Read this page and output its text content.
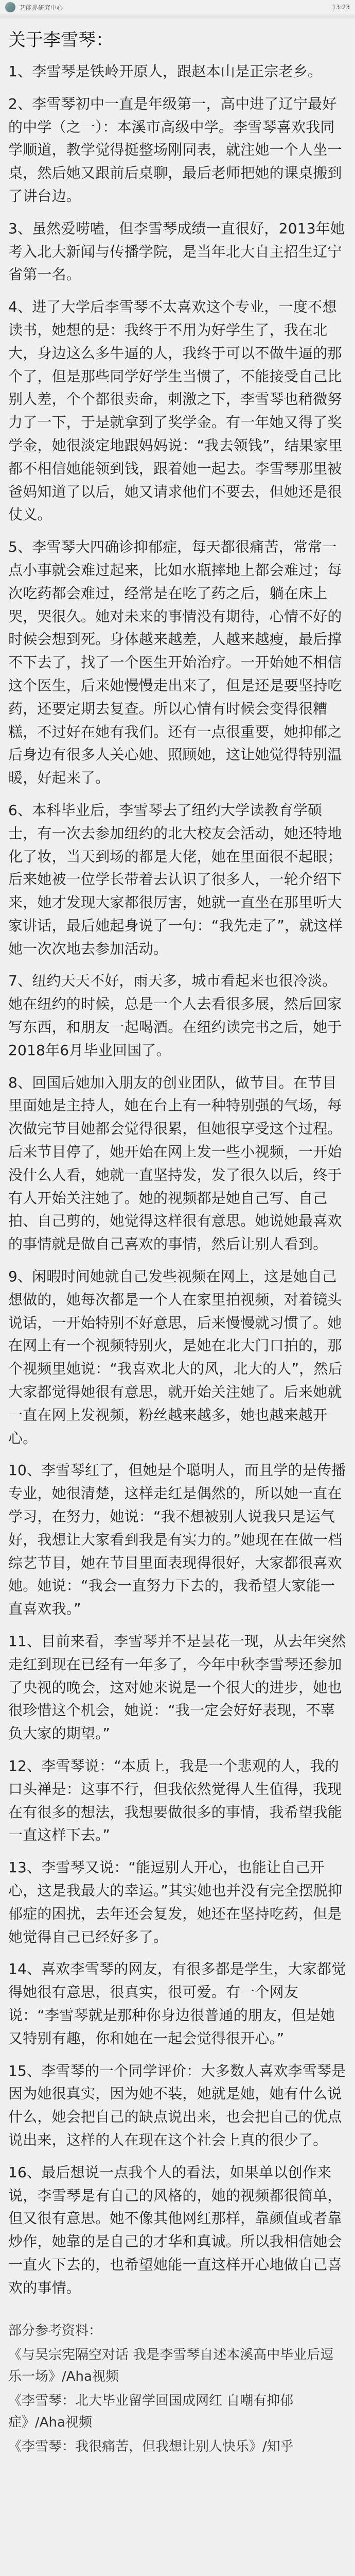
艺能界研究中心	13:23
关于李雪琴：
1、李雪琴是铁岭开原人，跟赵本山是正宗老乡。
2、李雪琴初中一直是年级第一，高中进了辽宁最好的中学（之一）：本溪市高级中学。李雪琴喜欢我同学顺道，教学觉得挺整场刚同表，就注她一个人坐一桌，然后她又跟前后桌聊，最后老师把她的课桌搬到了讲台边。
3、虽然爱唠嗑，但李雪琴成绩一直很好，2013年她考入北大新闻与传播学院，是当年北大自主招生辽宁省第一名。
4、进了大学后李雪琴不太喜欢这个专业，一度不想读书，她想的是：我终于不用为好学生了，我在北大，身边这么多牛逼的人，我终于可以不做牛逼的那个了，但是那些同学好学生当惯了，不能接受自己比别人差，个个都很卖命，刺激之下，李雪琴也稍微努力了一下，于是就拿到了奖学金。有一年她又得了奖学金，她很淡定地跟妈妈说：“我去领钱”，结果家里都不相信她能领到钱，跟着她一起去。李雪琴那里被爸妈知道了以后，她又请求他们不要去，但她还是很仗义。
5、李雪琴大四确诊抑郁症，每天都很痛苦，常常一点小事就会难过起来，比如水瓶摔地上都会难过；每次吃药都会难过，经常是在吃了药之后，躺在床上哭，哭很久。她对未来的事情没有期待，心情不好的时候会想到死。身体越来越差，人越来越瘦，最后撑不下去了，找了一个医生开始治疗。一开始她不相信这个医生，后来她慢慢走出来了，但是还是要坚持吃药，还要定期去复查。所以心情有时候会变得很糟糕，不过好在她有我们。还有一点很重要，她抑郁之后身边有很多人关心她、照顾她，这让她觉得特别温暖，好起来了。
6、本科毕业后，李雪琴去了纽约大学读教育学硕士，有一次去参加纽约的北大校友会活动，她还特地化了妆，当天到场的都是大佬，她在里面很不起眼；后来她被一位学长带着去认识了很多人，一轮介绍下来，她才发现大家都很厉害，她就一直坐在那里听大家讲话，最后她起身说了一句：“我先走了”，就这样她一次次地去参加活动。
7、纽约天天不好，雨天多，城市看起来也很冷淡。她在纽约的时候，总是一个人去看很多展，然后回家写东西，和朋友一起喝酒。在纽约读完书之后，她于2018年6月毕业回国了。
8、回国后她加入朋友的创业团队，做节目。在节目里面她是主持人，她在台上有一种特别强的气场，每次做完节目她都会觉得很累，但她很享受这个过程。后来节目停了，她开始在网上发一些小视频，一开始没什么人看，她就一直坚持发，发了很久以后，终于有人开始关注她了。她的视频都是她自己写、自己拍、自己剪的，她觉得这样很有意思。她说她最喜欢的事情就是做自己喜欢的事情，然后让别人看到。
9、闲暇时间她就自己发些视频在网上，这是她自己想做的，她每次都是一个人在家里拍视频，对着镜头说话，一开始特别不好意思，后来慢慢就习惯了。她在网上有一个视频特别火，是她在北大门口拍的，那个视频里她说：“我喜欢北大的风，北大的人”，然后大家都觉得她很有意思，就开始关注她了。后来她就一直在网上发视频，粉丝越来越多，她也越来越开心。
10、李雪琴红了，但她是个聪明人，而且学的是传播专业，她很清楚，这样走红是偶然的，所以她一直在学习，在努力，她说：“我不想被别人说我只是运气好，我想让大家看到我是有实力的。”她现在在做一档综艺节目，她在节目里面表现得很好，大家都很喜欢她。她说：“我会一直努力下去的，我希望大家能一直喜欢我。”
11、目前来看，李雪琴并不是昙花一现，从去年突然走红到现在已经有一年多了，今年中秋李雪琴还参加了央视的晚会，这对她来说是一个很大的进步，她也很珍惜这个机会，她说：“我一定会好好表现，不辜负大家的期望。”
12、李雪琴说：“本质上，我是一个悲观的人，我的口头禅是：这事不行，但我依然觉得人生值得，我现在有很多的想法，我想要做很多的事情，我希望我能一直这样下去。”
13、李雪琴又说：“能逗别人开心，也能让自己开心，这是我最大的幸运。”其实她也并没有完全摆脱抑郁症的困扰，去年还会复发，她还在坚持吃药，但是她觉得自己已经好多了。
14、喜欢李雪琴的网友，有很多都是学生，大家都觉得她很有意思，很真实，很可爱。有一个网友说：“李雪琴就是那种你身边很普通的朋友，但是她又特别有趣，你和她在一起会觉得很开心。”
15、李雪琴的一个同学评价：大多数人喜欢李雪琴是因为她很真实，因为她不装，她就是她，她有什么说什么，她会把自己的缺点说出来，也会把自己的优点说出来，这样的人在现在这个社会上真的很少了。
16、最后想说一点我个人的看法，如果单以创作来说，李雪琴是有自己的风格的，她的视频都很简单，但又很有意思。她不像其他网红那样，靠颜值或者靠炒作，她靠的是自己的才华和真诚。所以我相信她会一直火下去的，也希望她能一直这样开心地做自己喜欢的事情。
部分参考资料：
《与吴宗宪隔空对话 我是李雪琴自述本溪高中毕业后逗乐一场》/Aha视频
《李雪琴：北大毕业留学回国成网红 自嘲有抑郁症》/Aha视频
《李雪琴：我很痛苦，但我想让别人快乐》/知乎
